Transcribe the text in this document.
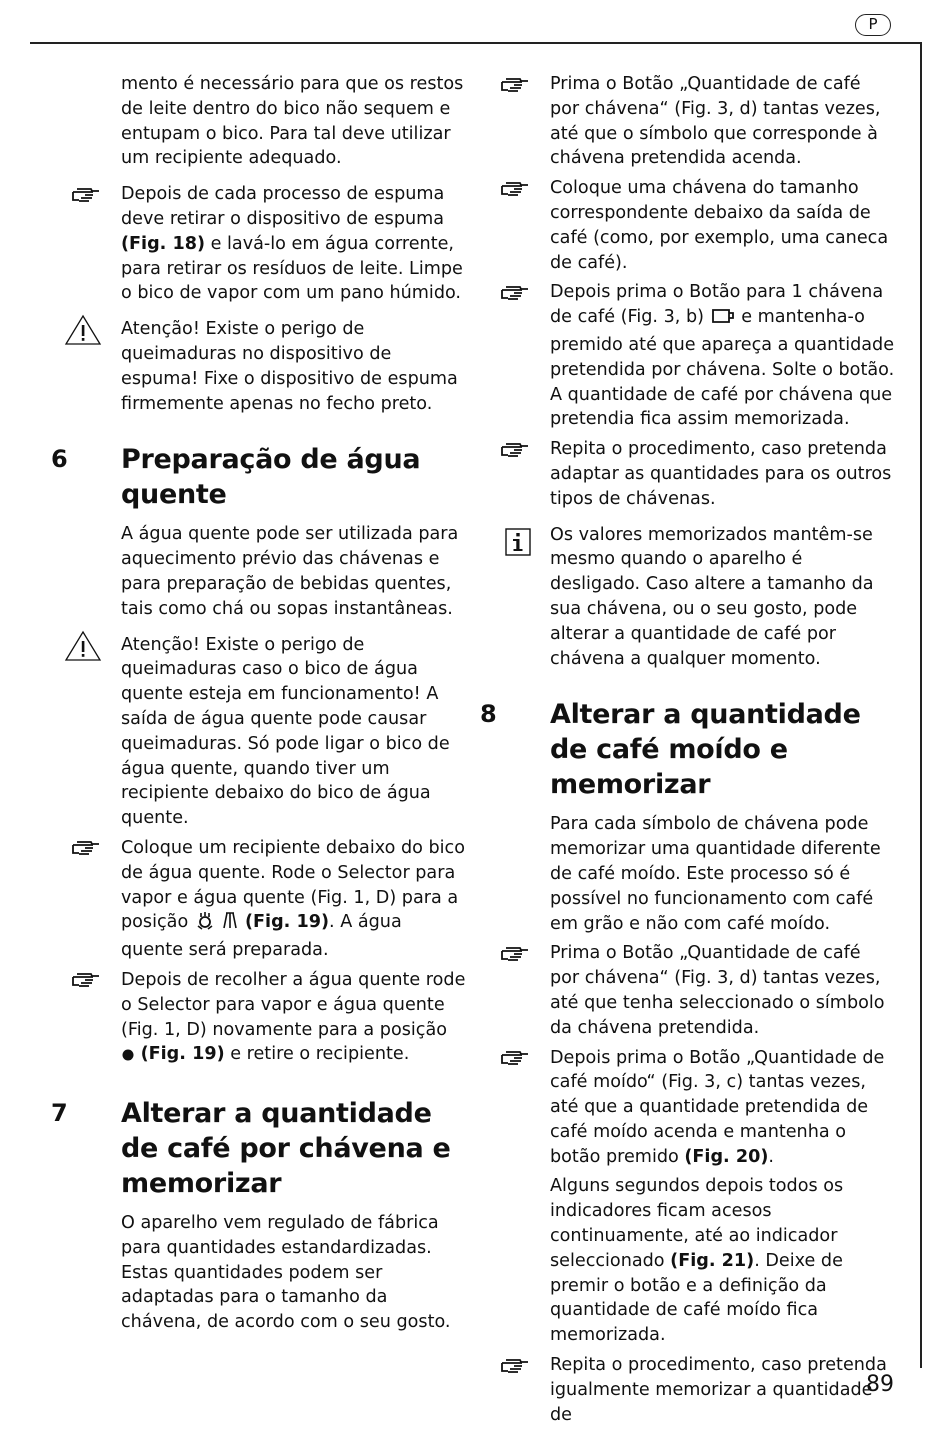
P

mento é necessário para que os restos de leite dentro do bico não sequem e entupam o bico. Para tal deve utilizar um recipiente adequado.

Depois de cada processo de espuma deve retirar o dispositivo de espuma (Fig. 18) e lavá-lo em água corrente, para retirar os resíduos de leite. Limpe o bico de vapor com um pano húmido.

Atenção! Existe o perigo de queimaduras no dispositivo de espuma! Fixe o dispositivo de espuma firmemente apenas no fecho preto.

6 Preparação de água quente

A água quente pode ser utilizada para aquecimento prévio das chávenas e para preparação de bebidas quentes, tais como chá ou sopas instantâneas.

Atenção! Existe o perigo de queimaduras caso o bico de água quente esteja em funcionamento! A saída de água quente pode causar queimaduras. Só pode ligar o bico de água quente, quando tiver um recipiente debaixo do bico de água quente.

Coloque um recipiente debaixo do bico de água quente. Rode o Selector para vapor e água quente (Fig. 1, D) para a posição	(Fig. 19). A água quente será preparada.

Depois de recolher a água quente rode o Selector para vapor e água quente (Fig. 1, D) novamente para a posição  (Fig. 19) e retire o recipiente.

7 Alterar a quantidade de café por chávena e memorizar

O aparelho vem regulado de fábrica para quantidades estandardizadas. Estas quantidades podem ser adaptadas para o tamanho da chávena, de acordo com o seu gosto.

Prima o Botão „Quantidade de café por chávena“ (Fig. 3, d) tantas vezes, até que o símbolo que corresponde à chávena pretendida acenda.

Coloque uma chávena do tamanho correspondente debaixo da saída de café (como, por exemplo, uma caneca de café).

Depois prima o Botão para 1 chávena de café (Fig. 3, b)  e mantenha-o premido até que apareça a quantidade pretendida por chávena. Solte o botão. A quantidade de café por chávena que pretendia fica assim memorizada.

Repita o procedimento, caso pretenda adaptar as quantidades para os outros tipos de chávenas.

Os valores memorizados mantêm-se mesmo quando o aparelho é desligado. Caso altere a tamanho da sua chávena, ou o seu gosto, pode alterar a quantidade de café por chávena a qualquer momento.

8 Alterar a quantidade de café moído e memorizar

Para cada símbolo de chávena pode memorizar uma quantidade diferente de café moído. Este processo só é possível no funcionamento com café em grão e não com café moído.

Prima o Botão „Quantidade de café por chávena“ (Fig. 3, d) tantas vezes, até que tenha seleccionado o símbolo da chávena pretendida.

Depois prima o Botão „Quantidade de café moído“ (Fig. 3, c) tantas vezes, até que a quantidade pretendida de café moído acenda e mantenha o botão premido (Fig. 20).

Alguns segundos depois todos os indicadores ficam acesos continuamente, até ao indicador seleccionado (Fig. 21). Deixe de premir o botão e a definição da quantidade de café moído fica memorizada.

Repita o procedimento, caso pretenda igualmente memorizar a quantidade de

89
